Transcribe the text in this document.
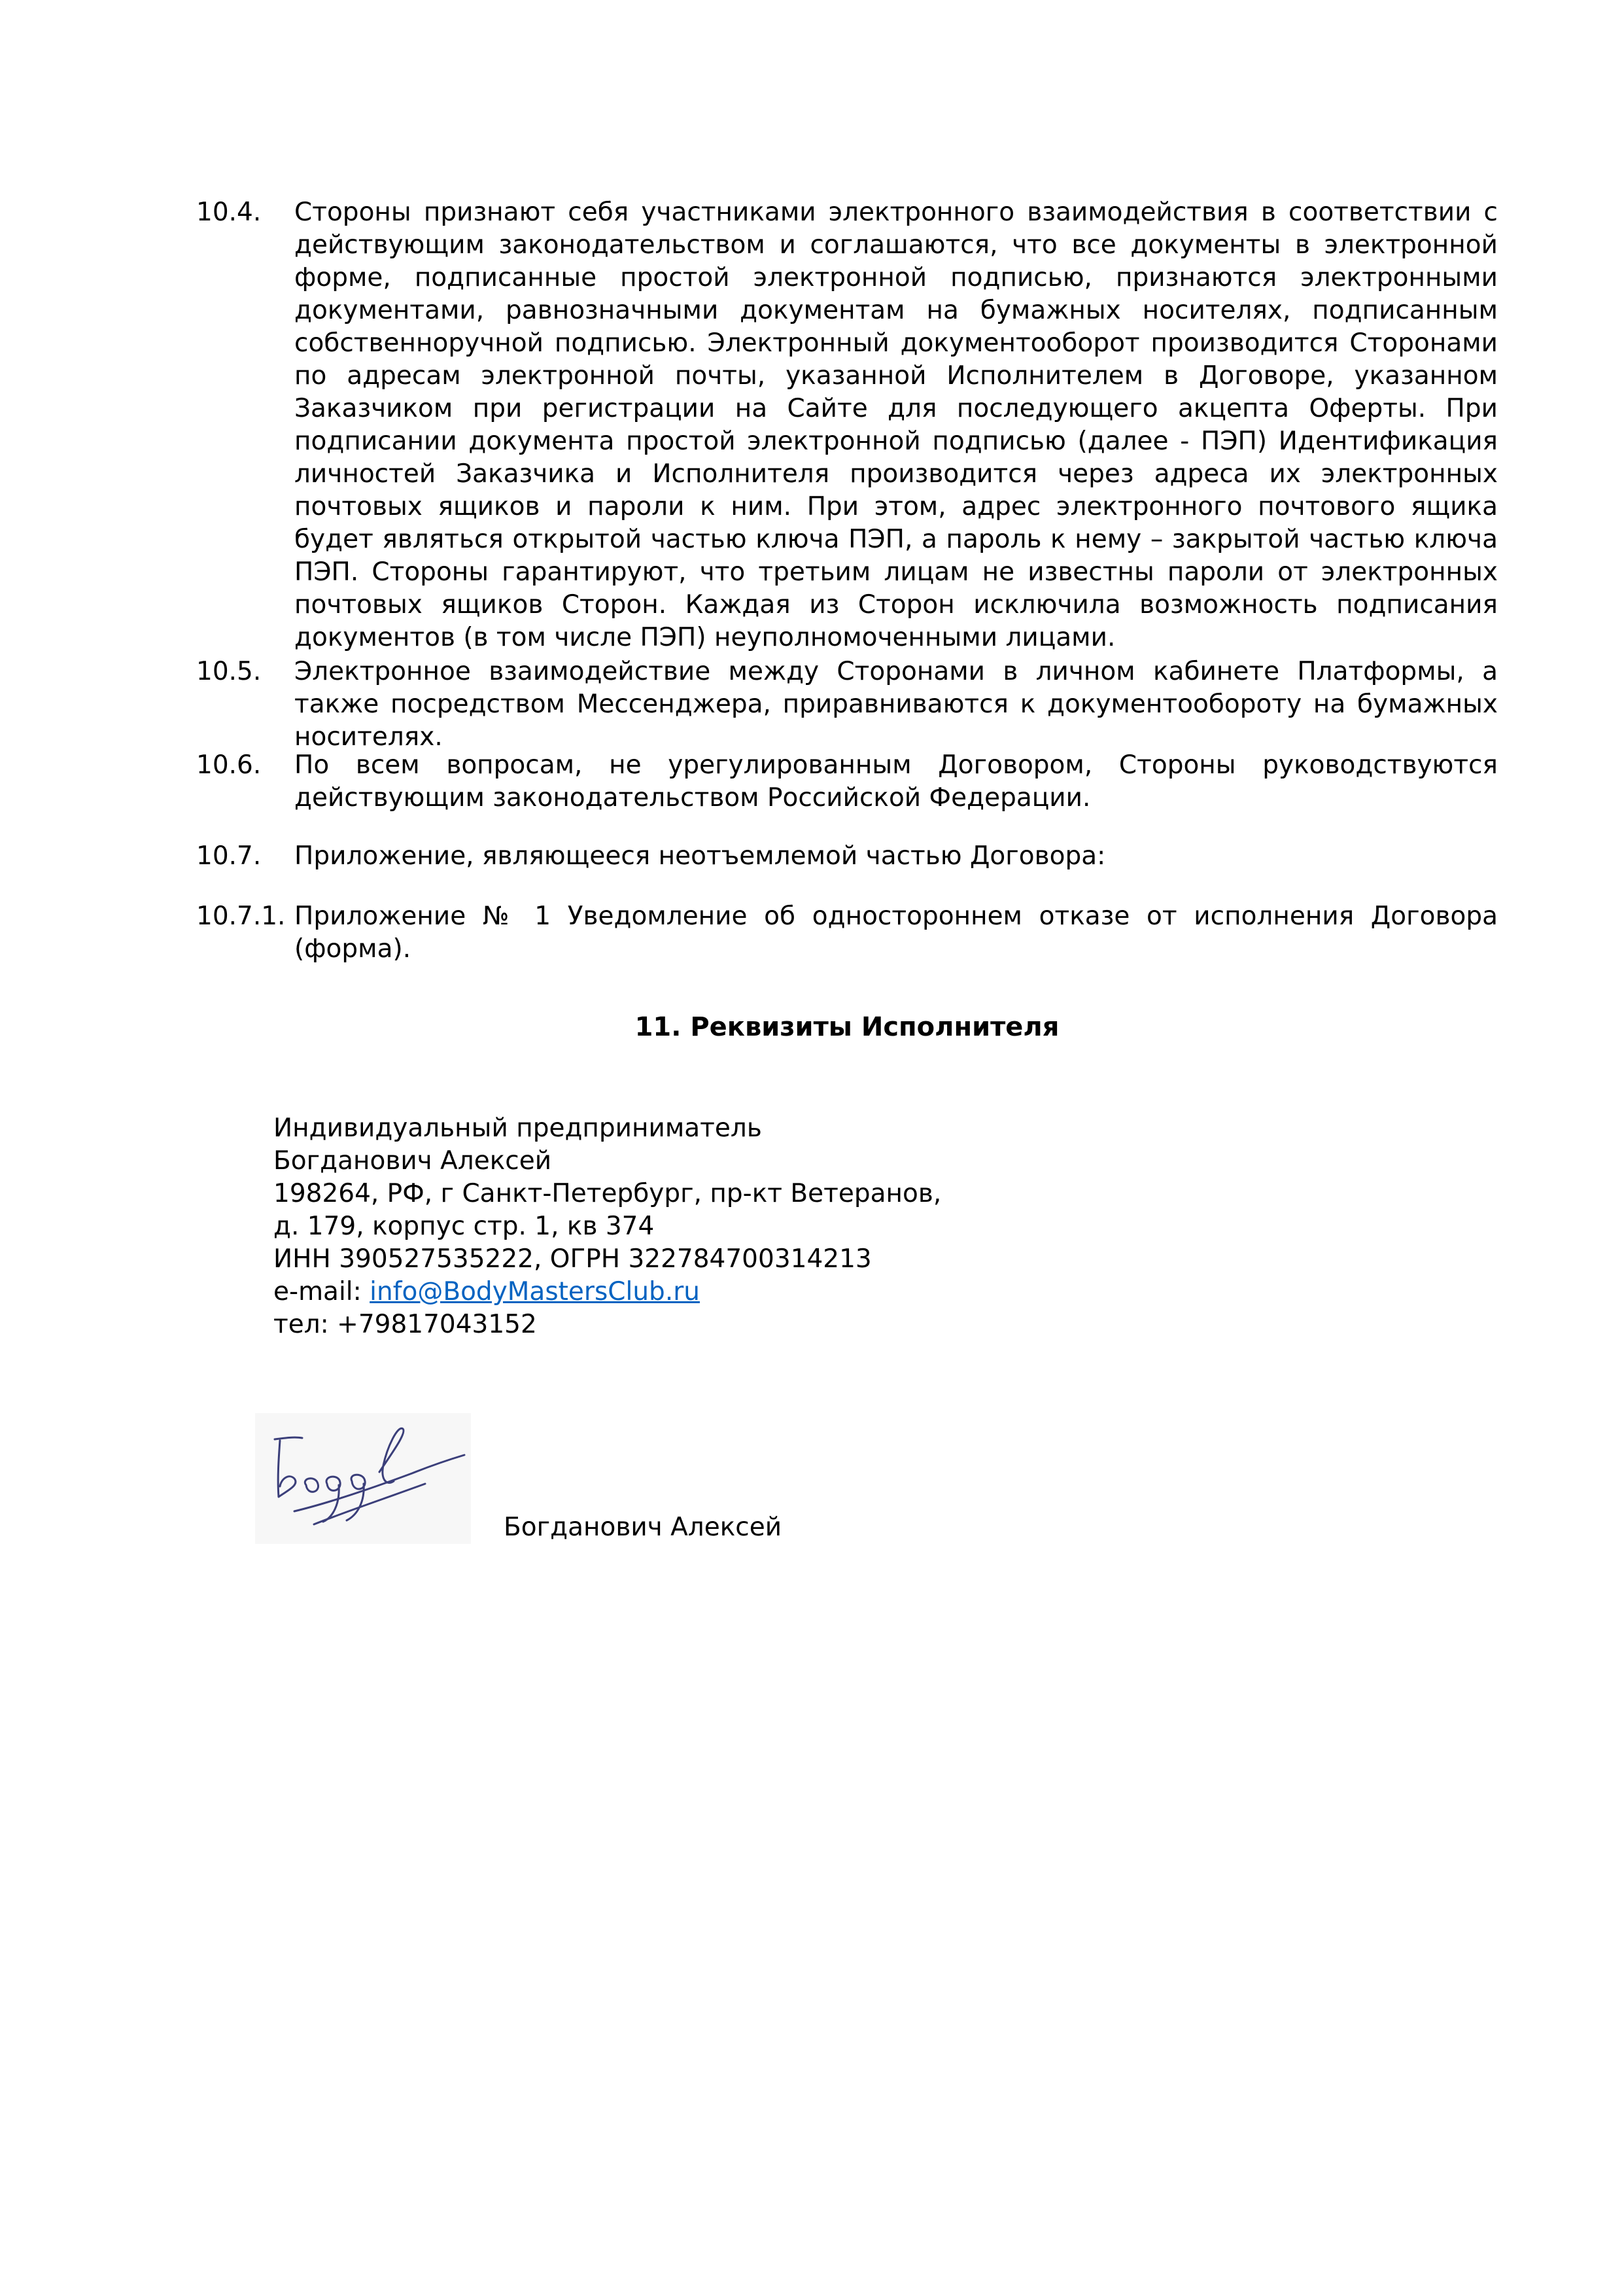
10.4.	Стороны признают себя участниками электронного взаимодействия в соответствии с действующим законодательством и соглашаются, что все документы в электронной форме, подписанные простой электронной подписью, признаются электронными документами, равнозначными документам на бумажных носителях, подписанным собственноручной подписью. Электронный документооборот производится Сторонами по адресам электронной почты, указанной Исполнителем в Договоре, указанном Заказчиком при регистрации на Сайте для последующего акцепта Оферты. При подписании документа простой электронной подписью (далее - ПЭП) Идентификация личностей Заказчика и Исполнителя производится через адреса их электронных почтовых ящиков и пароли к ним. При этом, адрес электронного почтового ящика будет являться открытой частью ключа ПЭП, а пароль к нему – закрытой частью ключа ПЭП. Стороны гарантируют, что третьим лицам не известны пароли от электронных почтовых ящиков Сторон. Каждая из Сторон исключила возможность подписания документов (в том числе ПЭП) неуполномоченными лицами.
10.5.	Электронное взаимодействие между Сторонами в личном кабинете Платформы, а также посредством Мессенджера, приравниваются к документообороту на бумажных носителях.
10.6.	По всем вопросам, не урегулированным Договором, Стороны руководствуются действующим законодательством Российской Федерации.
10.7.	Приложение, являющееся неотъемлемой частью Договора:
10.7.1. Приложение № 1 Уведомление об одностороннем отказе от исполнения Договора (форма).
11. Реквизиты Исполнителя
Индивидуальный предприниматель
Богданович Алексей
198264, РФ, г Санкт-Петербург, пр-кт Ветеранов,
д. 179, корпус стр. 1, кв 374
ИНН 390527535222, ОГРН 322784700314213
e-mail: info@BodyMastersClub.ru
тел: +79817043152
Богданович Алексей
